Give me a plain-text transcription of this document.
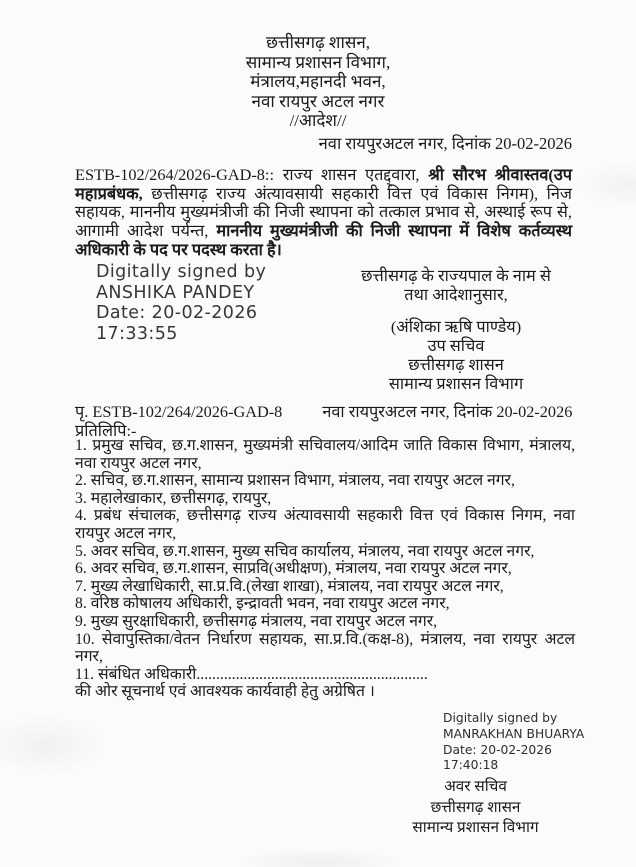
छत्तीसगढ़ शासन,
सामान्य प्रशासन विभाग,
मंत्रालय,महानदी भवन,
नवा रायपुर अटल नगर
//आदेश//
नवा रायपुरअटल नगर, दिनांक 20-02-2026

ESTB-102/264/2026-GAD-8:: राज्य शासन एतद्द्वारा, श्री सौरभ श्रीवास्तव(उप महाप्रबंधक, छत्तीसगढ़ राज्य अंत्यावसायी सहकारी वित्त एवं विकास निगम), निज सहायक, माननीय मुख्यमंत्रीजी की निजी स्थापना को तत्काल प्रभाव से, अस्थाई रूप से, आगामी आदेश पर्यन्त, माननीय मुख्यमंत्रीजी की निजी स्थापना में विशेष कर्तव्यस्थ अधिकारी के पद पर पदस्थ करता है।

Digitally signed by
ANSHIKA PANDEY
Date: 20-02-2026
17:33:55
छत्तीसगढ़ के राज्यपाल के नाम से
तथा आदेशानुसार,
(अंशिका ऋषि पाण्डेय)
उप सचिव
छत्तीसगढ़ शासन
सामान्य प्रशासन विभाग
पृ. ESTB-102/264/2026-GAD-8 नवा रायपुरअटल नगर, दिनांक 20-02-2026
प्रतिलिपि:-
1. प्रमुख सचिव, छ.ग.शासन, मुख्यमंत्री सचिवालय/आदिम जाति विकास विभाग, मंत्रालय, नवा रायपुर अटल नगर,
2. सचिव, छ.ग.शासन, सामान्य प्रशासन विभाग, मंत्रालय, नवा रायपुर अटल नगर,
3. महालेखाकार, छत्तीसगढ़, रायपुर,
4. प्रबंध संचालक, छत्तीसगढ़ राज्य अंत्यावसायी सहकारी वित्त एवं विकास निगम, नवा रायपुर अटल नगर,
5. अवर सचिव, छ.ग.शासन, मुख्य सचिव कार्यालय, मंत्रालय, नवा रायपुर अटल नगर,
6. अवर सचिव, छ.ग.शासन, साप्रवि(अधीक्षण), मंत्रालय, नवा रायपुर अटल नगर,
7. मुख्य लेखाधिकारी, सा.प्र.वि.(लेखा शाखा), मंत्रालय, नवा रायपुर अटल नगर,
8. वरिष्ठ कोषालय अधिकारी, इन्द्रावती भवन, नवा रायपुर अटल नगर,
9. मुख्य सुरक्षाधिकारी, छत्तीसगढ़ मंत्रालय, नवा रायपुर अटल नगर,
10. सेवापुस्तिका/वेतन निर्धारण सहायक, सा.प्र.वि.(कक्ष-8), मंत्रालय, नवा रायपुर अटल नगर,
11. संबंधित अधिकारी...........................................................
की ओर सूचनार्थ एवं आवश्यक कार्यवाही हेतु अग्रेषित ।
Digitally signed by
MANRAKHAN BHUARYA
Date: 20-02-2026
17:40:18
अवर सचिव
छत्तीसगढ़ शासन
सामान्य प्रशासन विभाग
